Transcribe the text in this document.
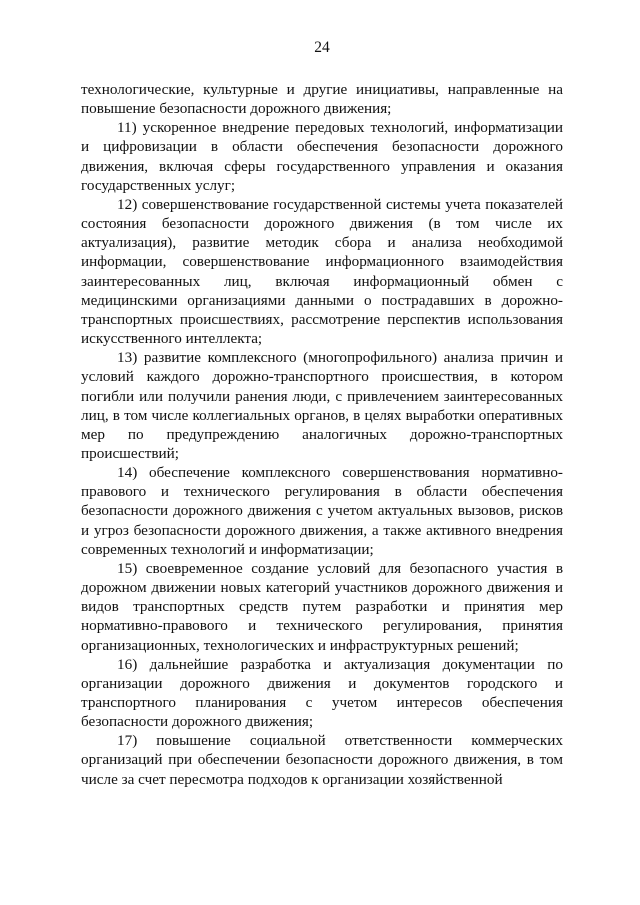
24

технологические, культурные и другие инициативы, направленные на повышение безопасности дорожного движения;

11) ускоренное внедрение передовых технологий, информатизации и цифровизации в области обеспечения безопасности дорожного движения, включая сферы государственного управления и оказания государственных услуг;

12) совершенствование государственной системы учета показателей состояния безопасности дорожного движения (в том числе их актуализация), развитие методик сбора и анализа необходимой информации, совершенствование информационного взаимодействия заинтересованных лиц, включая информационный обмен с медицинскими организациями данными о пострадавших в дорожно-транспортных происшествиях, рассмотрение перспектив использования искусственного интеллекта;

13) развитие комплексного (многопрофильного) анализа причин и условий каждого дорожно-транспортного происшествия, в котором погибли или получили ранения люди, с привлечением заинтересованных лиц, в том числе коллегиальных органов, в целях выработки оперативных мер по предупреждению аналогичных дорожно-транспортных происшествий;

14) обеспечение комплексного совершенствования нормативно-правового и технического регулирования в области обеспечения безопасности дорожного движения с учетом актуальных вызовов, рисков и угроз безопасности дорожного движения, а также активного внедрения современных технологий и информатизации;

15) своевременное создание условий для безопасного участия в дорожном движении новых категорий участников дорожного движения и видов транспортных средств путем разработки и принятия мер нормативно-правового и технического регулирования, принятия организационных, технологических и инфраструктурных решений;

16) дальнейшие разработка и актуализация документации по организации дорожного движения и документов городского и транспортного планирования с учетом интересов обеспечения безопасности дорожного движения;

17) повышение социальной ответственности коммерческих организаций при обеспечении безопасности дорожного движения, в том числе за счет пересмотра подходов к организации хозяйственной
